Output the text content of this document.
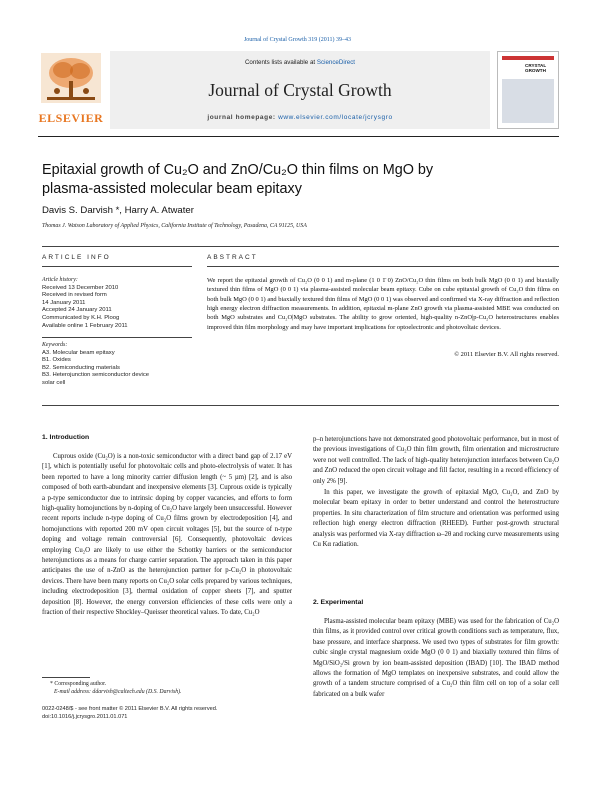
Journal of Crystal Growth 319 (2011) 39–43
ELSEVIER
Contents lists available at ScienceDirect
Journal of Crystal Growth
journal homepage: www.elsevier.com/locate/jcrysgro
CRYSTAL
GROWTH
Epitaxial growth of Cu₂O and ZnO/Cu₂O thin films on MgO by
plasma-assisted molecular beam epitaxy
Davis S. Darvish *, Harry A. Atwater
Thomas J. Watson Laboratory of Applied Physics, California Institute of Technology, Pasadena, CA 91125, USA
ARTICLE INFO
Article history:
Received 13 December 2010
Received in revised form
14 January 2011
Accepted 24 January 2011
Communicated by K.H. Ploog
Available online 1 February 2011
Keywords:
A3. Molecular beam epitaxy
B1. Oxides
B2. Semiconducting materials
B3. Heterojunction semiconductor device
solar cell
ABSTRACT
We report the epitaxial growth of Cu₂O (0 0 1) and m-plane (1 0 1̄ 0) ZnO/Cu₂O thin films on both bulk MgO (0 0 1) and biaxially textured thin films of MgO (0 0 1) via plasma-assisted molecular beam epitaxy. Cube on cube epitaxial growth of Cu₂O thin films on both bulk MgO (0 0 1) and biaxially textured thin films of MgO (0 0 1) was observed and confirmed via X-ray diffraction and reflection high energy electron diffraction measurements. In addition, epitaxial m-plane ZnO growth via plasma-assisted MBE was conducted on both MgO substrates and Cu₂O|MgO substrates. The ability to grow oriented, high-quality n-ZnO|p-Cu₂O heterostructures enables improved thin film morphology and may have important implications for optoelectronic and photovoltaic devices.
© 2011 Elsevier B.V. All rights reserved.
1. Introduction

Cuprous oxide (Cu₂O) is a non-toxic semiconductor with a direct band gap of 2.17 eV [1], which is potentially useful for photovoltaic cells and photo-electrolysis of water. It has been reported to have a long minority carrier diffusion length (~ 5 µm) [2], and is also composed of both earth-abundant and inexpensive elements [3]. Cuprous oxide is typically a p-type semiconductor due to intrinsic doping by copper vacancies, and efforts to form high-quality homojunctions by n-doping of Cu₂O have largely been unsuccessful. However recent reports include n-type doping of Cu₂O films grown by electrodeposition [4], and homojunctions with reported 200 mV open circuit voltages [5], but the source of n-type doping and voltage remain controversial [6]. Consequently, photovoltaic devices employing Cu₂O are likely to use either the Schottky barriers or the semiconductor heterojunctions as a means for charge carrier separation. The approach taken in this paper anticipates the use of n-ZnO as the heterojunction partner for p-Cu₂O in photovoltaic devices. There have been many reports on Cu₂O solar cells prepared by various techniques, including electrodeposition [3], thermal oxidation of copper sheets [7], and sputter deposition [8]. However, the energy conversion efficiencies of these cells were only a fraction of their respective Shockley–Queisser theoretical values. To date, Cu₂O

p–n heterojunctions have not demonstrated good photovoltaic performance, but in most of the previous investigations of Cu₂O thin film growth, film orientation and microstructure were not well controlled. The lack of high-quality heterojunction interfaces between Cu₂O and ZnO reduced the open circuit voltage and fill factor, resulting in a record efficiency of only 2% [9].

In this paper, we investigate the growth of epitaxial MgO, Cu₂O, and ZnO by molecular beam epitaxy in order to better understand and control the heterostructure properties. In situ characterization of film structure and orientation was performed using reflection high energy electron diffraction (RHEED). Further post-growth structural analysis was performed via X-ray diffraction ω–2θ and rocking curve measurements using Cu Kα radiation.

2. Experimental

Plasma-assisted molecular beam epitaxy (MBE) was used for the fabrication of Cu₂O thin films, as it provided control over critical growth conditions such as temperature, flux, base pressure, and interface sharpness. We used two types of substrates for film growth: cubic single crystal magnesium oxide MgO (0 0 1) and biaxially textured thin films of MgO/SiO₂/Si grown by ion beam-assisted deposition (IBAD) [10]. The IBAD method allows the formation of MgO templates on inexpensive substrates, and could allow the growth of a tandem structure comprised of a Cu₂O thin film cell on top of a solar cell fabricated on a bulk wafer

* Corresponding author.
E-mail address: ddarvish@caltech.edu (D.S. Darvish).
0022-0248/$ - see front matter © 2011 Elsevier B.V. All rights reserved.
doi:10.1016/j.jcrysgro.2011.01.071
